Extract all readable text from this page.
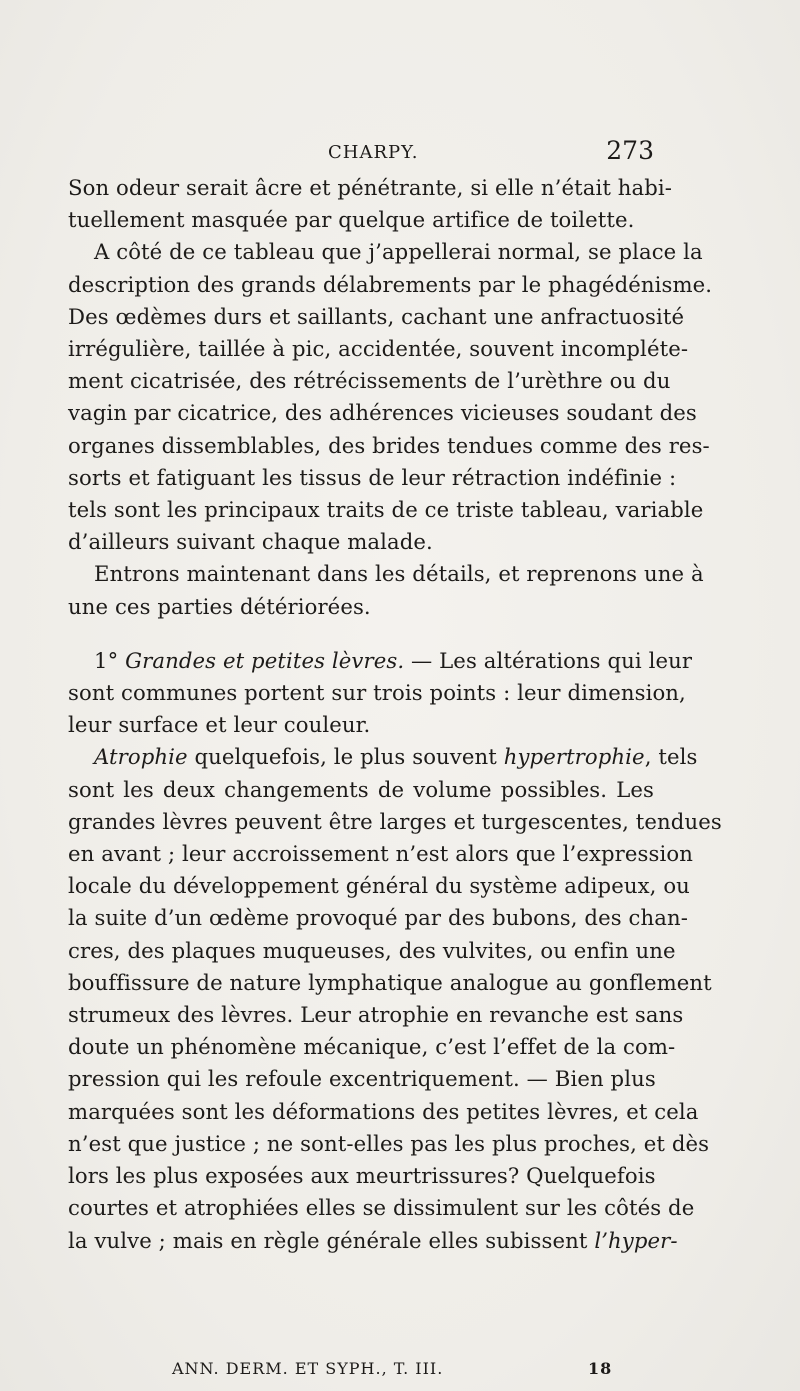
CHARPY.	273
Son odeur serait âcre et pénétrante, si elle n’était habi-
tuellement masquée par quelque artifice de toilette.
A côté de ce tableau que j’appellerai normal, se place la
description des grands délabrements par le phagédénisme.
Des œdèmes durs et saillants, cachant une anfractuosité
irrégulière, taillée à pic, accidentée, souvent incompléte-
ment cicatrisée, des rétrécissements de l’urèthre ou du
vagin par cicatrice, des adhérences vicieuses soudant des
organes dissemblables, des brides tendues comme des res-
sorts et fatiguant les tissus de leur rétraction indéfinie :
tels sont les principaux traits de ce triste tableau, variable
d’ailleurs suivant chaque malade.
Entrons maintenant dans les détails, et reprenons une à
une ces parties détériorées.
1° Grandes et petites lèvres. — Les altérations qui leur
sont communes portent sur trois points : leur dimension,
leur surface et leur couleur.
Atrophie quelquefois, le plus souvent hypertrophie, tels
sont les deux changements de volume possibles. Les
grandes lèvres peuvent être larges et turgescentes, tendues
en avant ; leur accroissement n’est alors que l’expression
locale du développement général du système adipeux, ou
la suite d’un œdème provoqué par des bubons, des chan-
cres, des plaques muqueuses, des vulvites, ou enfin une
bouffissure de nature lymphatique analogue au gonflement
strumeux des lèvres. Leur atrophie en revanche est sans
doute un phénomène mécanique, c’est l’effet de la com-
pression qui les refoule excentriquement. — Bien plus
marquées sont les déformations des petites lèvres, et cela
n’est que justice ; ne sont-elles pas les plus proches, et dès
lors les plus exposées aux meurtrissures? Quelquefois
courtes et atrophiées elles se dissimulent sur les côtés de
la vulve ; mais en règle générale elles subissent l’hyper-
ANN. DERM. ET SYPH., T. III.	18
